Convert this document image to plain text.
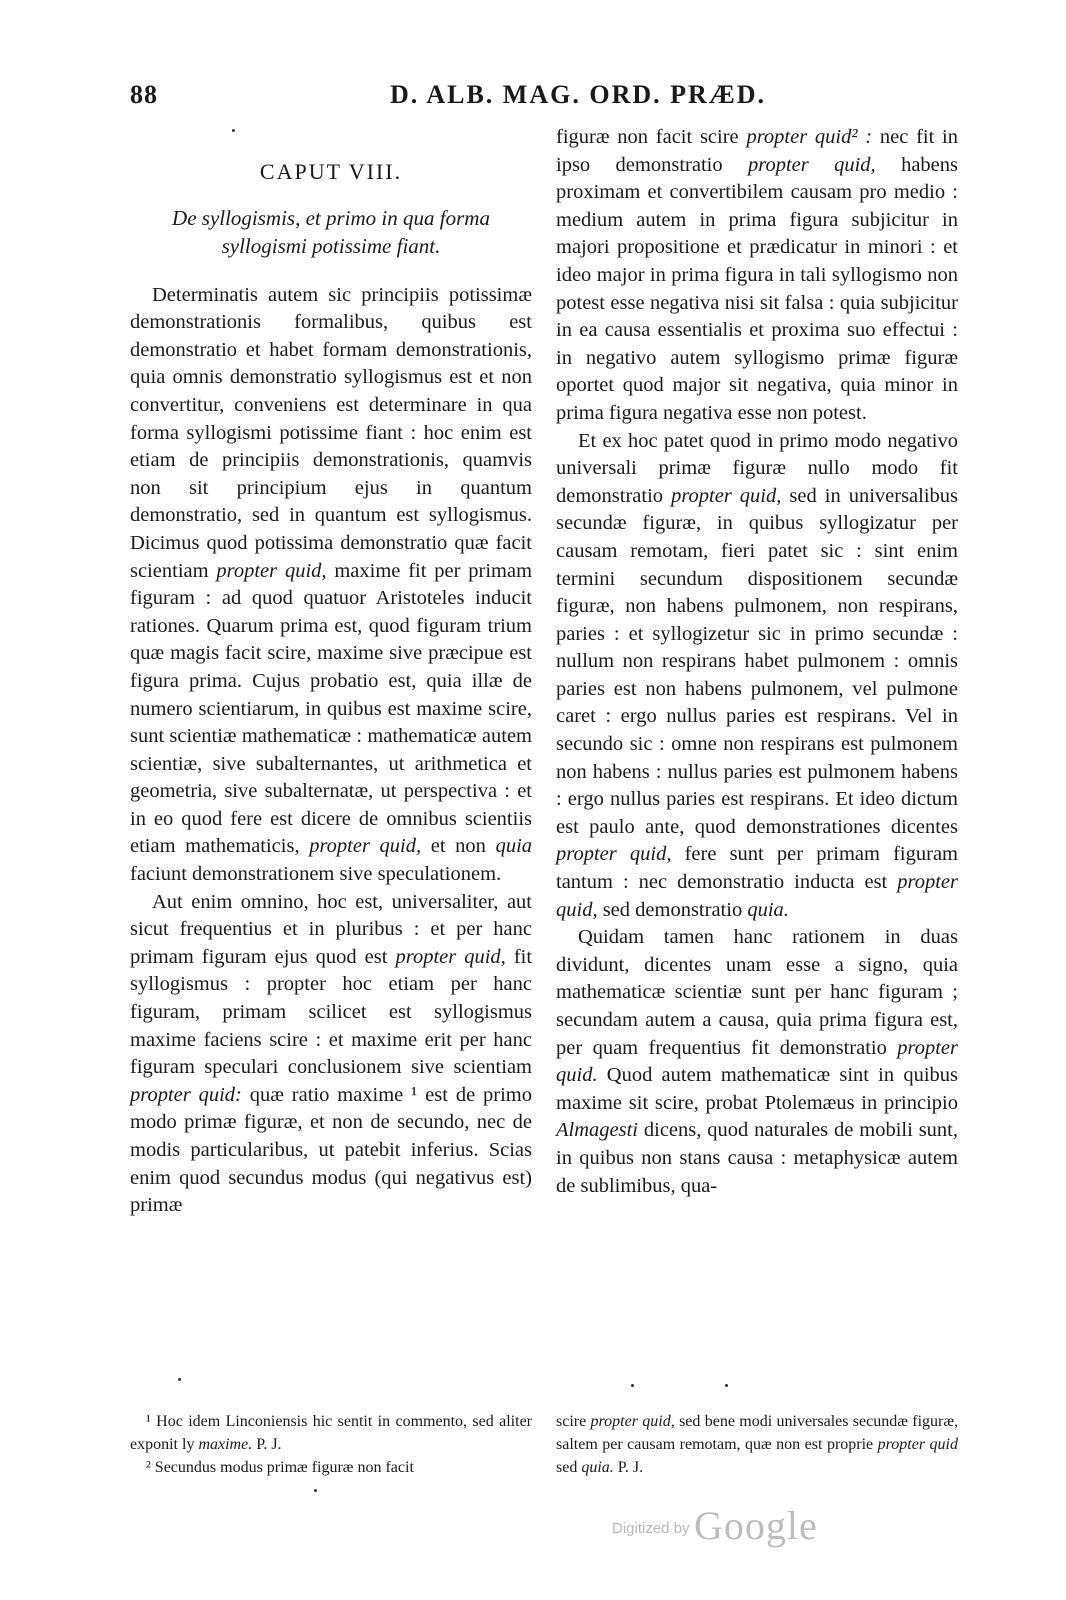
88	D. ALB. MAG. ORD. PRÆD.
CAPUT VIII.
De syllogismis, et primo in qua forma syllogismi potissime fiant.

Determinatis autem sic principiis potissimæ demonstrationis formalibus, quibus est demonstratio et habet formam demonstrationis, quia omnis demonstratio syllogismus est et non convertitur, conveniens est determinare in qua forma syllogismi potissime fiant : hoc enim est etiam de principiis demonstrationis, quamvis non sit principium ejus in quantum demonstratio, sed in quantum est syllogismus. Dicimus quod potissima demonstratio quæ facit scientiam propter quid, maxime fit per primam figuram : ad quod quatuor Aristoteles inducit rationes. Quarum prima est, quod figuram trium quæ magis facit scire, maxime sive præcipue est figura prima. Cujus probatio est, quia illæ de numero scientiarum, in quibus est maxime scire, sunt scientiæ mathematicæ : mathematicæ autem scientiæ, sive subalternantes, ut arithmetica et geometria, sive subalternatæ, ut perspectiva : et in eo quod fere est dicere de omnibus scientiis etiam mathematicis, propter quid, et non quia faciunt demonstrationem sive speculationem.

Aut enim omnino, hoc est, universaliter, aut sicut frequentius et in pluribus : et per hanc primam figuram ejus quod est propter quid, fit syllogismus : propter hoc etiam per hanc figuram, primam scilicet est syllogismus maxime faciens scire : et maxime erit per hanc figuram speculari conclusionem sive scientiam propter quid: quæ ratio maxime ¹ est de primo modo primæ figuræ, et non de secundo, nec de modis particularibus, ut patebit inferius. Scias enim quod secundus modus (qui negativus est) primæ

figuræ non facit scire propter quid² : nec fit in ipso demonstratio propter quid, habens proximam et convertibilem causam pro medio : medium autem in prima figura subjicitur in majori propositione et prædicatur in minori : et ideo major in prima figura in tali syllogismo non potest esse negativa nisi sit falsa : quia subjicitur in ea causa essentialis et proxima suo effectui : in negativo autem syllogismo primæ figuræ oportet quod major sit negativa, quia minor in prima figura negativa esse non potest.

Et ex hoc patet quod in primo modo negativo universali primæ figuræ nullo modo fit demonstratio propter quid, sed in universalibus secundæ figuræ, in quibus syllogizatur per causam remotam, fieri patet sic : sint enim termini secundum dispositionem secundæ figuræ, non habens pulmonem, non respirans, paries : et syllogizetur sic in primo secundæ : nullum non respirans habet pulmonem : omnis paries est non habens pulmonem, vel pulmone caret : ergo nullus paries est respirans. Vel in secundo sic : omne non respirans est pulmonem non habens : nullus paries est pulmonem habens : ergo nullus paries est respirans. Et ideo dictum est paulo ante, quod demonstrationes dicentes propter quid, fere sunt per primam figuram tantum : nec demonstratio inducta est propter quid, sed demonstratio quia.

Quidam tamen hanc rationem in duas dividunt, dicentes unam esse a signo, quia mathematicæ scientiæ sunt per hanc figuram ; secundam autem a causa, quia prima figura est, per quam frequentius fit demonstratio propter quid. Quod autem mathematicæ sint in quibus maxime sit scire, probat Ptolemæus in principio Almagesti dicens, quod naturales de mobili sunt, in quibus non stans causa : metaphysicæ autem de sublimibus, qua-

¹ Hoc idem Linconiensis hic sentit in commento, sed aliter exponit ly maxime. P. J.

² Secundus modus primæ figuræ non facit

scire propter quid, sed bene modi universales secundæ figuræ, saltem per causam remotam, quæ non est proprie propter quid sed quia. P. J.

Digitized by Google
